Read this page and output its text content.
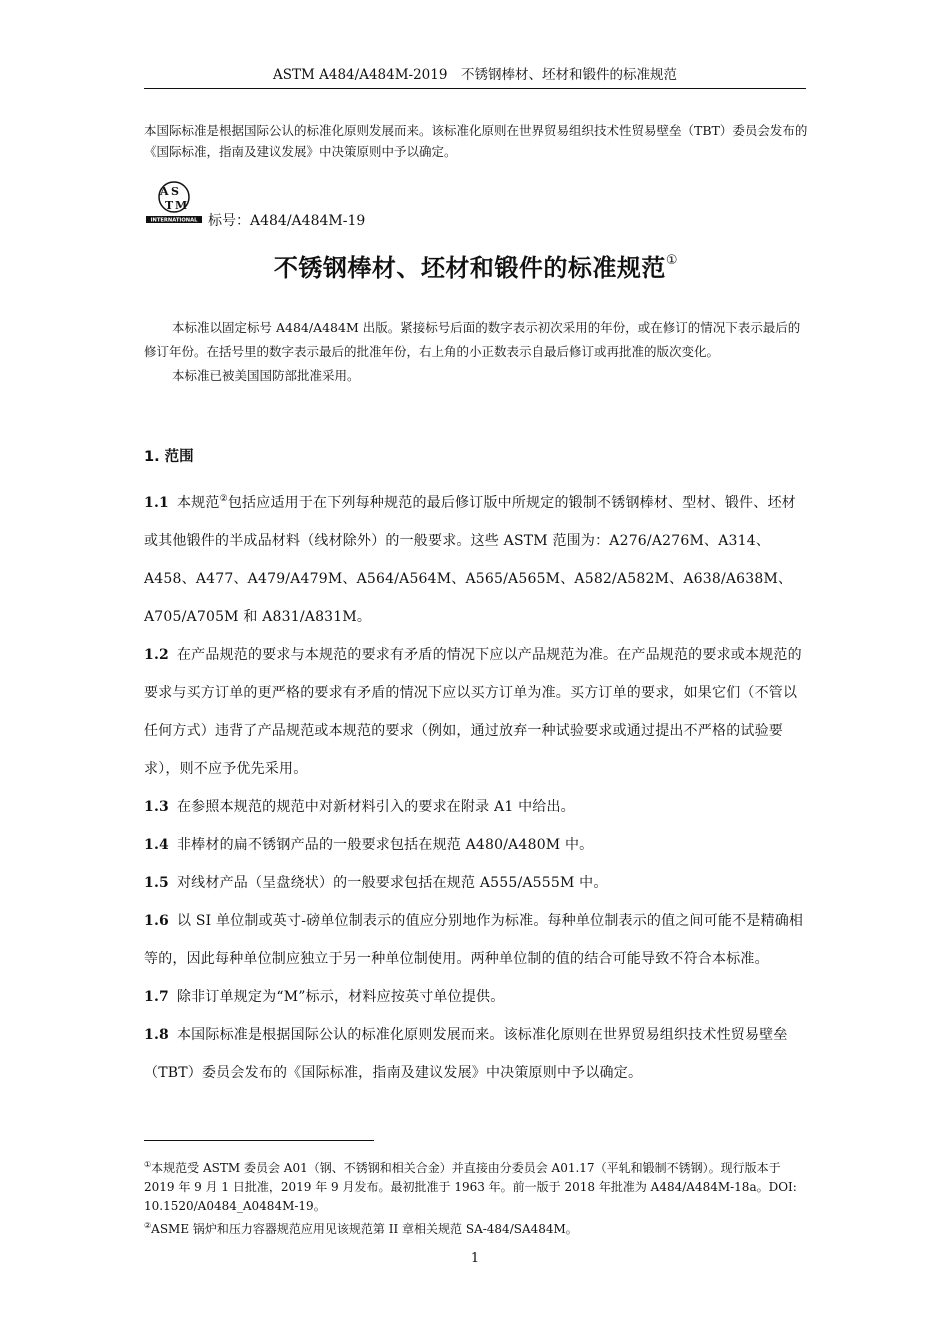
ASTM A484/A484M-2019　不锈钢棒材、坯材和锻件的标准规范
本国际标准是根据国际公认的标准化原则发展而来。该标准化原则在世界贸易组织技术性贸易壁垒（TBT）委员会发布的《国际标准，指南及建议发展》中决策原则中予以确定。
A S
T M
INTERNATIONAL 标号：A484/A484M-19
不锈钢棒材、坯材和锻件的标准规范①

本标准以固定标号 A484/A484M 出版。紧接标号后面的数字表示初次采用的年份，或在修订的情况下表示最后的修订年份。在括号里的数字表示最后的批准年份，右上角的小正数表示自最后修订或再批准的版次变化。

本标准已被美国国防部批准采用。

1. 范围

1.1 本规范②包括应适用于在下列每种规范的最后修订版中所规定的锻制不锈钢棒材、型材、锻件、坯材或其他锻件的半成品材料（线材除外）的一般要求。这些 ASTM 范围为：A276/A276M、A314、A458、A477、A479/A479M、A564/A564M、A565/A565M、A582/A582M、A638/A638M、A705/A705M 和 A831/A831M。

1.2 在产品规范的要求与本规范的要求有矛盾的情况下应以产品规范为准。在产品规范的要求或本规范的要求与买方订单的更严格的要求有矛盾的情况下应以买方订单为准。买方订单的要求，如果它们（不管以任何方式）违背了产品规范或本规范的要求（例如，通过放弃一种试验要求或通过提出不严格的试验要求），则不应予优先采用。

1.3 在参照本规范的规范中对新材料引入的要求在附录 A1 中给出。

1.4 非棒材的扁不锈钢产品的一般要求包括在规范 A480/A480M 中。

1.5 对线材产品（呈盘绕状）的一般要求包括在规范 A555/A555M 中。

1.6 以 SI 单位制或英寸-磅单位制表示的值应分别地作为标准。每种单位制表示的值之间可能不是精确相等的，因此每种单位制应独立于另一种单位制使用。两种单位制的值的结合可能导致不符合本标准。

1.7 除非订单规定为“M”标示，材料应按英寸单位提供。

1.8 本国际标准是根据国际公认的标准化原则发展而来。该标准化原则在世界贸易组织技术性贸易壁垒（TBT）委员会发布的《国际标准，指南及建议发展》中决策原则中予以确定。

①本规范受 ASTM 委员会 A01（钢、不锈钢和相关合金）并直接由分委员会 A01.17（平轧和锻制不锈钢）。现行版本于 2019 年 9 月 1 日批准，2019 年 9 月发布。最初批准于 1963 年。前一版于 2018 年批准为 A484/A484M-18a。DOI: 10.1520/A0484_A0484M-19。

②ASME 锅炉和压力容器规范应用见该规范第 II 章相关规范 SA-484/SA484M。

1
